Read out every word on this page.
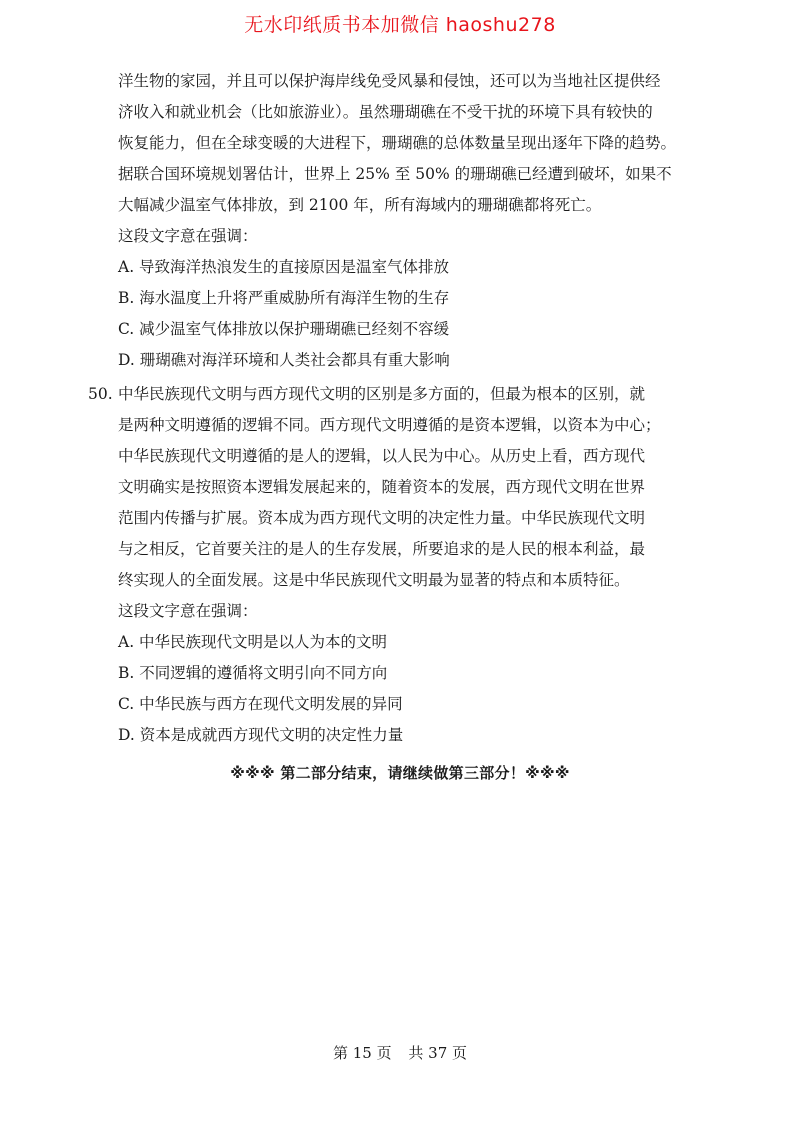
无水印纸质书本加微信 haoshu278
洋生物的家园，并且可以保护海岸线免受风暴和侵蚀，还可以为当地社区提供经
济收入和就业机会（比如旅游业）。虽然珊瑚礁在不受干扰的环境下具有较快的
恢复能力，但在全球变暖的大进程下，珊瑚礁的总体数量呈现出逐年下降的趋势。
据联合国环境规划署估计，世界上 25% 至 50% 的珊瑚礁已经遭到破坏，如果不
大幅减少温室气体排放，到 2100 年，所有海域内的珊瑚礁都将死亡。
这段文字意在强调：
A. 导致海洋热浪发生的直接原因是温室气体排放
B. 海水温度上升将严重威胁所有海洋生物的生存
C. 减少温室气体排放以保护珊瑚礁已经刻不容缓
D. 珊瑚礁对海洋环境和人类社会都具有重大影响
50. 中华民族现代文明与西方现代文明的区别是多方面的，但最为根本的区别，就
是两种文明遵循的逻辑不同。西方现代文明遵循的是资本逻辑，以资本为中心；
中华民族现代文明遵循的是人的逻辑，以人民为中心。从历史上看，西方现代
文明确实是按照资本逻辑发展起来的，随着资本的发展，西方现代文明在世界
范围内传播与扩展。资本成为西方现代文明的决定性力量。中华民族现代文明
与之相反，它首要关注的是人的生存发展，所要追求的是人民的根本利益，最
终实现人的全面发展。这是中华民族现代文明最为显著的特点和本质特征。
这段文字意在强调：
A. 中华民族现代文明是以人为本的文明
B. 不同逻辑的遵循将文明引向不同方向
C. 中华民族与西方在现代文明发展的异同
D. 资本是成就西方现代文明的决定性力量
※※※ 第二部分结束，请继续做第三部分！※※※
第 15 页 共 37 页
